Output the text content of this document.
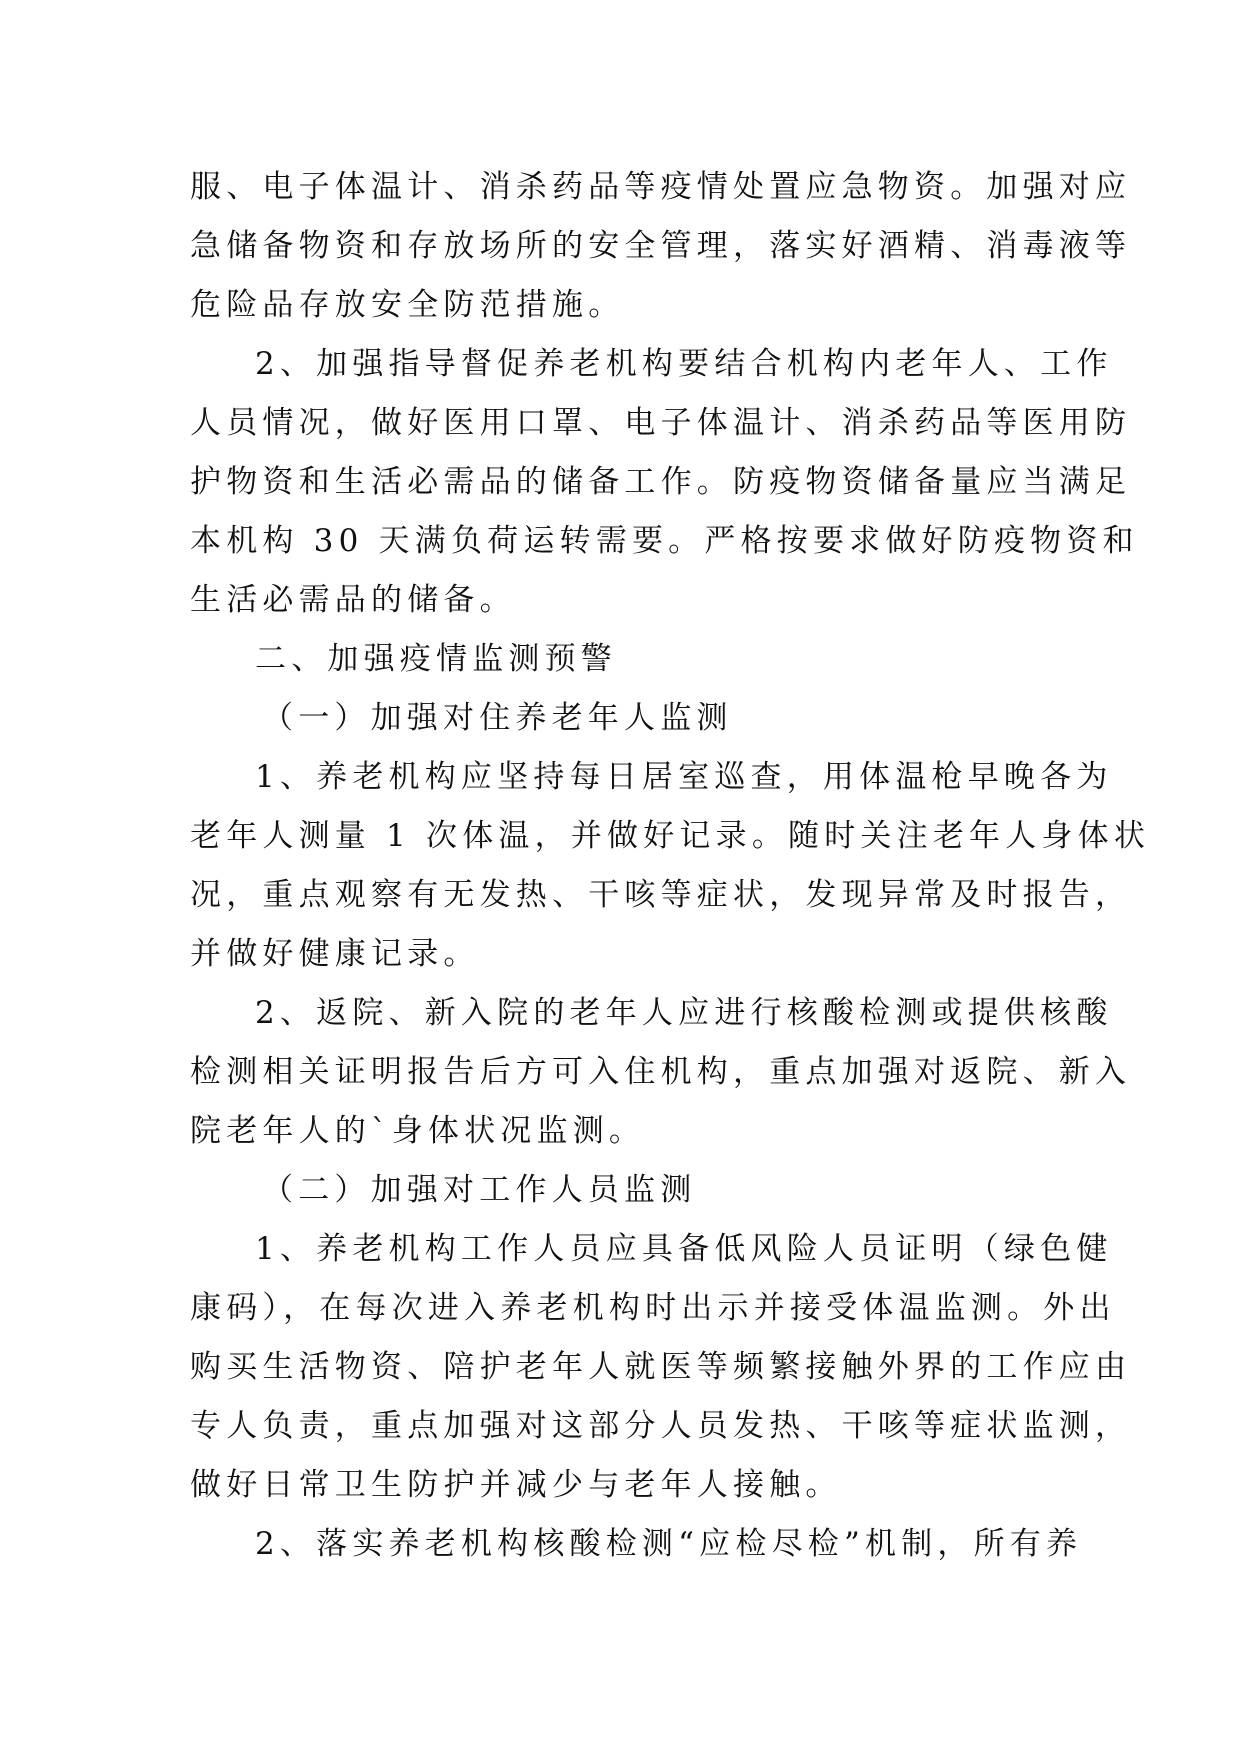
服、电子体温计、消杀药品等疫情处置应急物资。加强对应
急储备物资和存放场所的安全管理，落实好酒精、消毒液等
危险品存放安全防范措施。
2、加强指导督促养老机构要结合机构内老年人、工作
人员情况，做好医用口罩、电子体温计、消杀药品等医用防
护物资和生活必需品的储备工作。防疫物资储备量应当满足
本机构 30 天满负荷运转需要。严格按要求做好防疫物资和
生活必需品的储备。
二、加强疫情监测预警
（一）加强对住养老年人监测
1、养老机构应坚持每日居室巡查，用体温枪早晚各为
老年人测量 1 次体温，并做好记录。随时关注老年人身体状
况，重点观察有无发热、干咳等症状，发现异常及时报告，
并做好健康记录。
2、返院、新入院的老年人应进行核酸检测或提供核酸
检测相关证明报告后方可入住机构，重点加强对返院、新入
院老年人的`身体状况监测。
（二）加强对工作人员监测
1、养老机构工作人员应具备低风险人员证明（绿色健
康码），在每次进入养老机构时出示并接受体温监测。外出
购买生活物资、陪护老年人就医等频繁接触外界的工作应由
专人负责，重点加强对这部分人员发热、干咳等症状监测，
做好日常卫生防护并减少与老年人接触。
2、落实养老机构核酸检测“应检尽检”机制，所有养
